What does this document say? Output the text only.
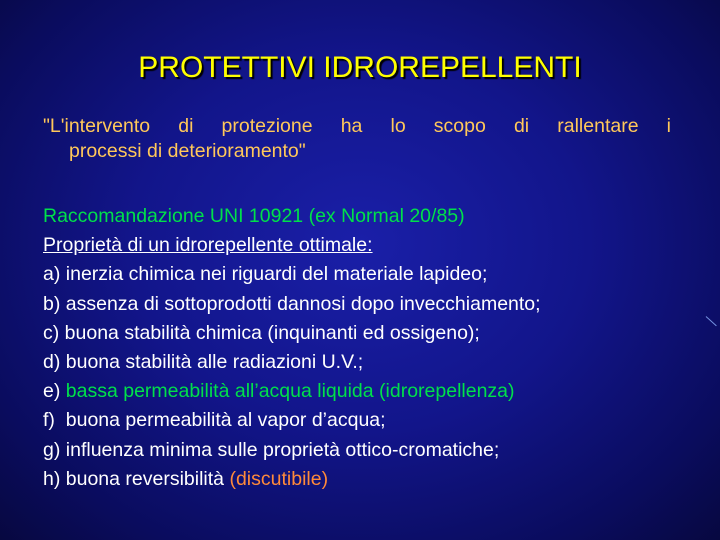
PROTETTIVI IDROREPELLENTI
"L'intervento di protezione ha lo scopo di rallentare i
processi di deterioramento"
Raccomandazione UNI 10921 (ex Normal 20/85)
Proprietà di un idrorepellente ottimale:
a) inerzia chimica nei riguardi del materiale lapideo;
b) assenza di sottoprodotti dannosi dopo invecchiamento;
c) buona stabilità chimica (inquinanti ed ossigeno);
d) buona stabilità alle radiazioni U.V.;
e) bassa permeabilità all’acqua liquida (idrorepellenza)
f)  buona permeabilità al vapor d’acqua;
g) influenza minima sulle proprietà ottico-cromatiche;
h) buona reversibilità (discutibile)
